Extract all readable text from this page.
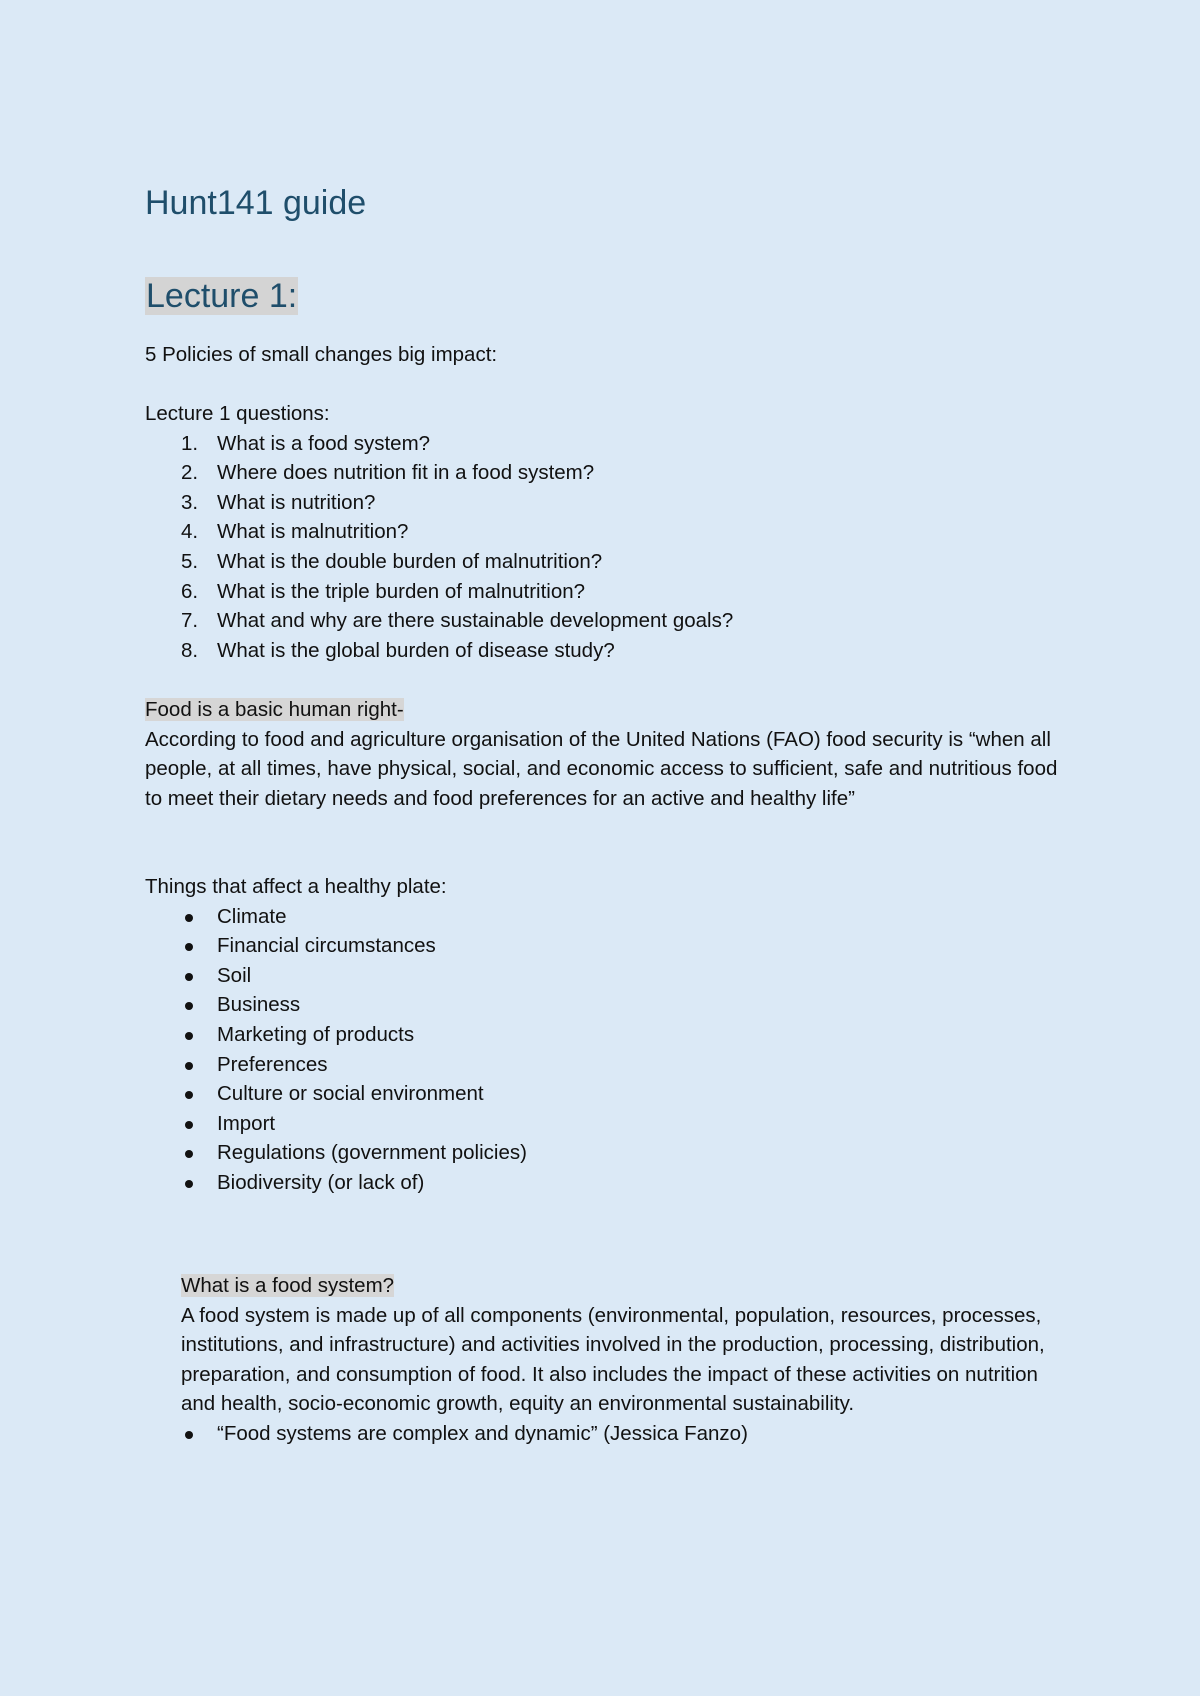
Hunt141 guide
Lecture 1:

5 Policies of small changes big impact:

Lecture 1 questions:
1. What is a food system?
2. Where does nutrition fit in a food system?
3. What is nutrition?
4. What is malnutrition?
5. What is the double burden of malnutrition?
6. What is the triple burden of malnutrition?
7. What and why are there sustainable development goals?
8. What is the global burden of disease study?
Food is a basic human right-
According to food and agriculture organisation of the United Nations (FAO) food security is “when all people, at all times, have physical, social, and economic access to sufficient, safe and nutritious food to meet their dietary needs and food preferences for an active and healthy life”
Things that affect a healthy plate:
Climate
Financial circumstances
Soil
Business
Marketing of products
Preferences
Culture or social environment
Import
Regulations (government policies)
Biodiversity (or lack of)
What is a food system?
A food system is made up of all components (environmental, population, resources, processes, institutions, and infrastructure) and activities involved in the production, processing, distribution, preparation, and consumption of food. It also includes the impact of these activities on nutrition and health, socio-economic growth, equity an environmental sustainability.
“Food systems are complex and dynamic” (Jessica Fanzo)
